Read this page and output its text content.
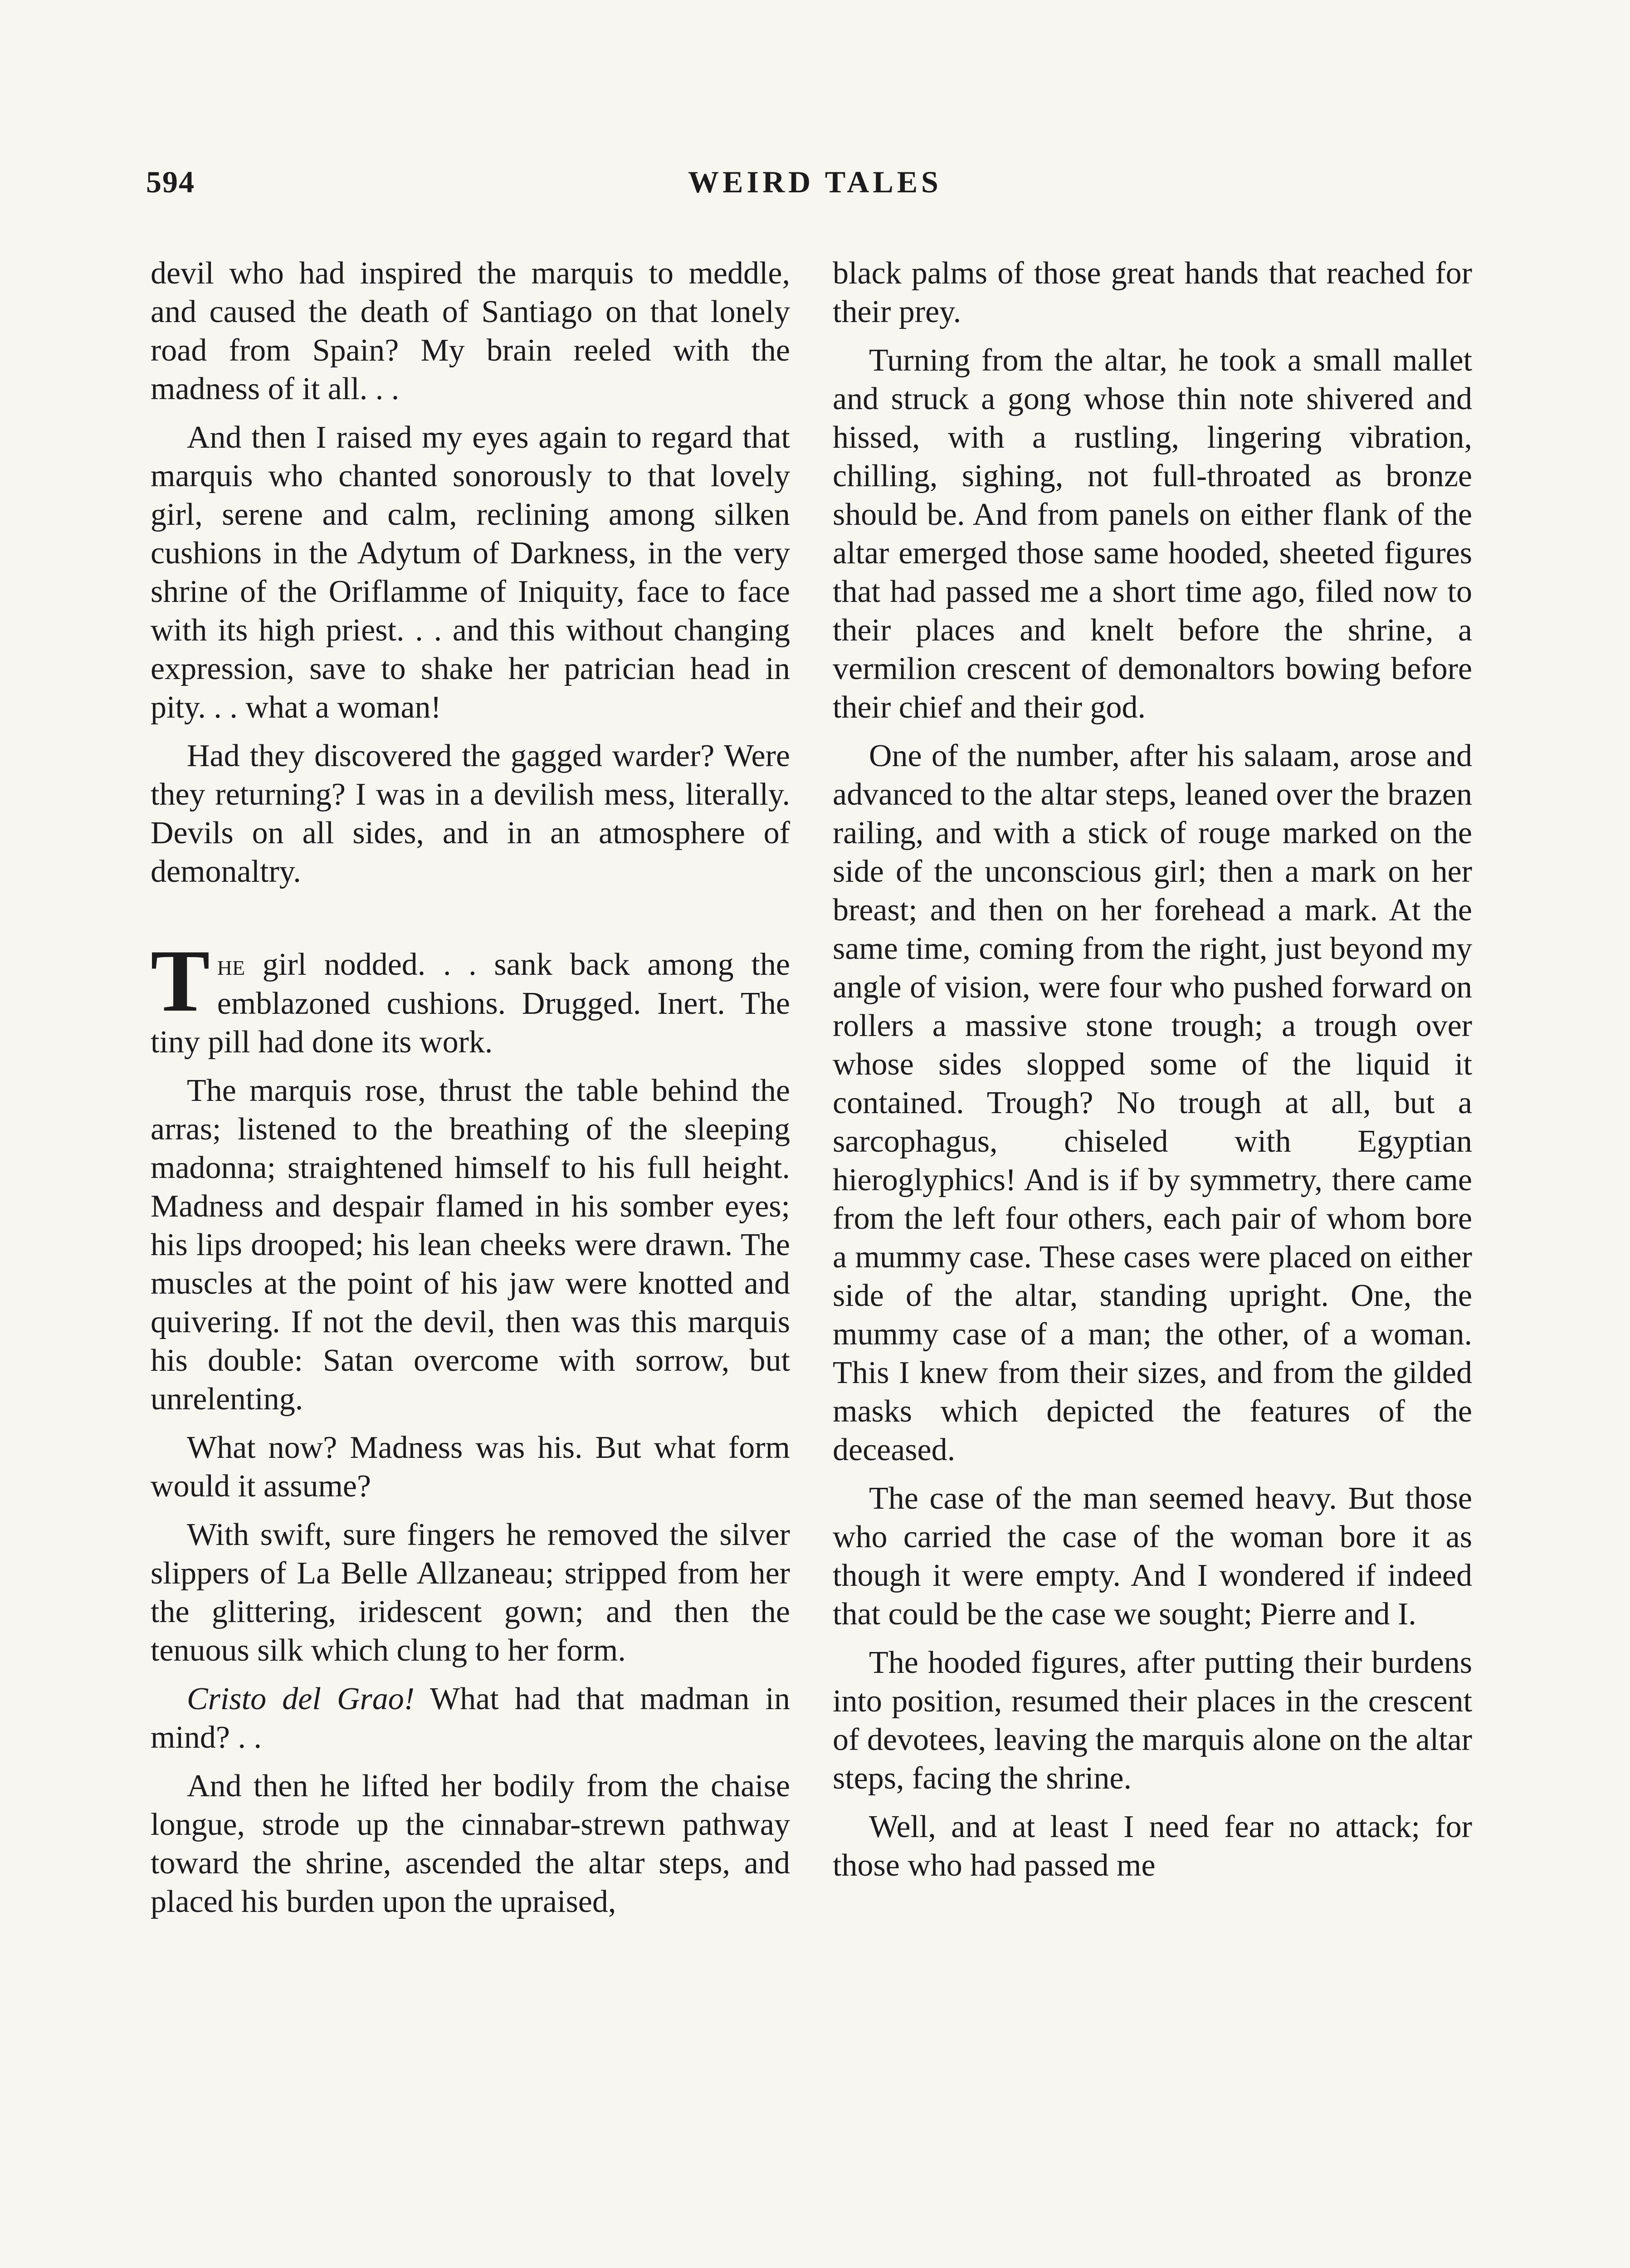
594	WEIRD TALES

devil who had inspired the marquis to meddle, and caused the death of Santiago on that lonely road from Spain? My brain reeled with the madness of it all. . .

And then I raised my eyes again to regard that marquis who chanted sonorously to that lovely girl, serene and calm, reclining among silken cushions in the Adytum of Darkness, in the very shrine of the Oriflamme of Iniquity, face to face with its high priest. . . and this without changing expression, save to shake her patrician head in pity. . . what a woman!

Had they discovered the gagged warder? Were they returning? I was in a devilish mess, literally. Devils on all sides, and in an atmosphere of demonaltry.

The girl nodded. . . sank back among the emblazoned cushions. Drugged. Inert. The tiny pill had done its work.

The marquis rose, thrust the table behind the arras; listened to the breathing of the sleeping madonna; straightened himself to his full height. Madness and despair flamed in his somber eyes; his lips drooped; his lean cheeks were drawn. The muscles at the point of his jaw were knotted and quivering. If not the devil, then was this marquis his double: Satan overcome with sorrow, but unrelenting.

What now? Madness was his. But what form would it assume?

With swift, sure fingers he removed the silver slippers of La Belle Allzaneau; stripped from her the glittering, iridescent gown; and then the tenuous silk which clung to her form.

Cristo del Grao! What had that madman in mind? . .

And then he lifted her bodily from the chaise longue, strode up the cinnabar-strewn pathway toward the shrine, ascended the altar steps, and placed his burden upon the upraised,

black palms of those great hands that reached for their prey.

Turning from the altar, he took a small mallet and struck a gong whose thin note shivered and hissed, with a rustling, lingering vibration, chilling, sighing, not full-throated as bronze should be. And from panels on either flank of the altar emerged those same hooded, sheeted figures that had passed me a short time ago, filed now to their places and knelt before the shrine, a vermilion crescent of demonaltors bowing before their chief and their god.

One of the number, after his salaam, arose and advanced to the altar steps, leaned over the brazen railing, and with a stick of rouge marked on the side of the unconscious girl; then a mark on her breast; and then on her forehead a mark. At the same time, coming from the right, just beyond my angle of vision, were four who pushed forward on rollers a massive stone trough; a trough over whose sides slopped some of the liquid it contained. Trough? No trough at all, but a sarcophagus, chiseled with Egyptian hieroglyphics! And is if by symmetry, there came from the left four others, each pair of whom bore a mummy case. These cases were placed on either side of the altar, standing upright. One, the mummy case of a man; the other, of a woman. This I knew from their sizes, and from the gilded masks which depicted the features of the deceased.

The case of the man seemed heavy. But those who carried the case of the woman bore it as though it were empty. And I wondered if indeed that could be the case we sought; Pierre and I.

The hooded figures, after putting their burdens into position, resumed their places in the crescent of devotees, leaving the marquis alone on the altar steps, facing the shrine.

Well, and at least I need fear no attack; for those who had passed me
